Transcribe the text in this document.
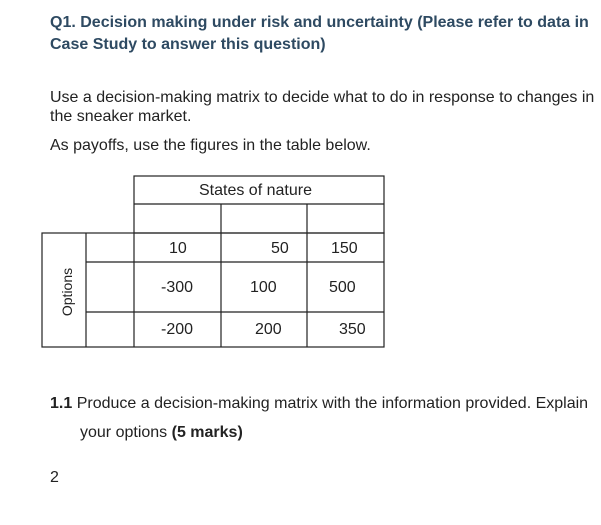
Q1. Decision making under risk and uncertainty (Please refer to data in
Case Study to answer this question)

Use a decision-making matrix to decide what to do in response to changes in
the sneaker market.

As payoffs, use the figures in the table below.

States of nature
Options
10	50	150
-300	100	500
-200	200	350

1.1 Produce a decision-making matrix with the information provided. Explain

your options (5 marks)
2
